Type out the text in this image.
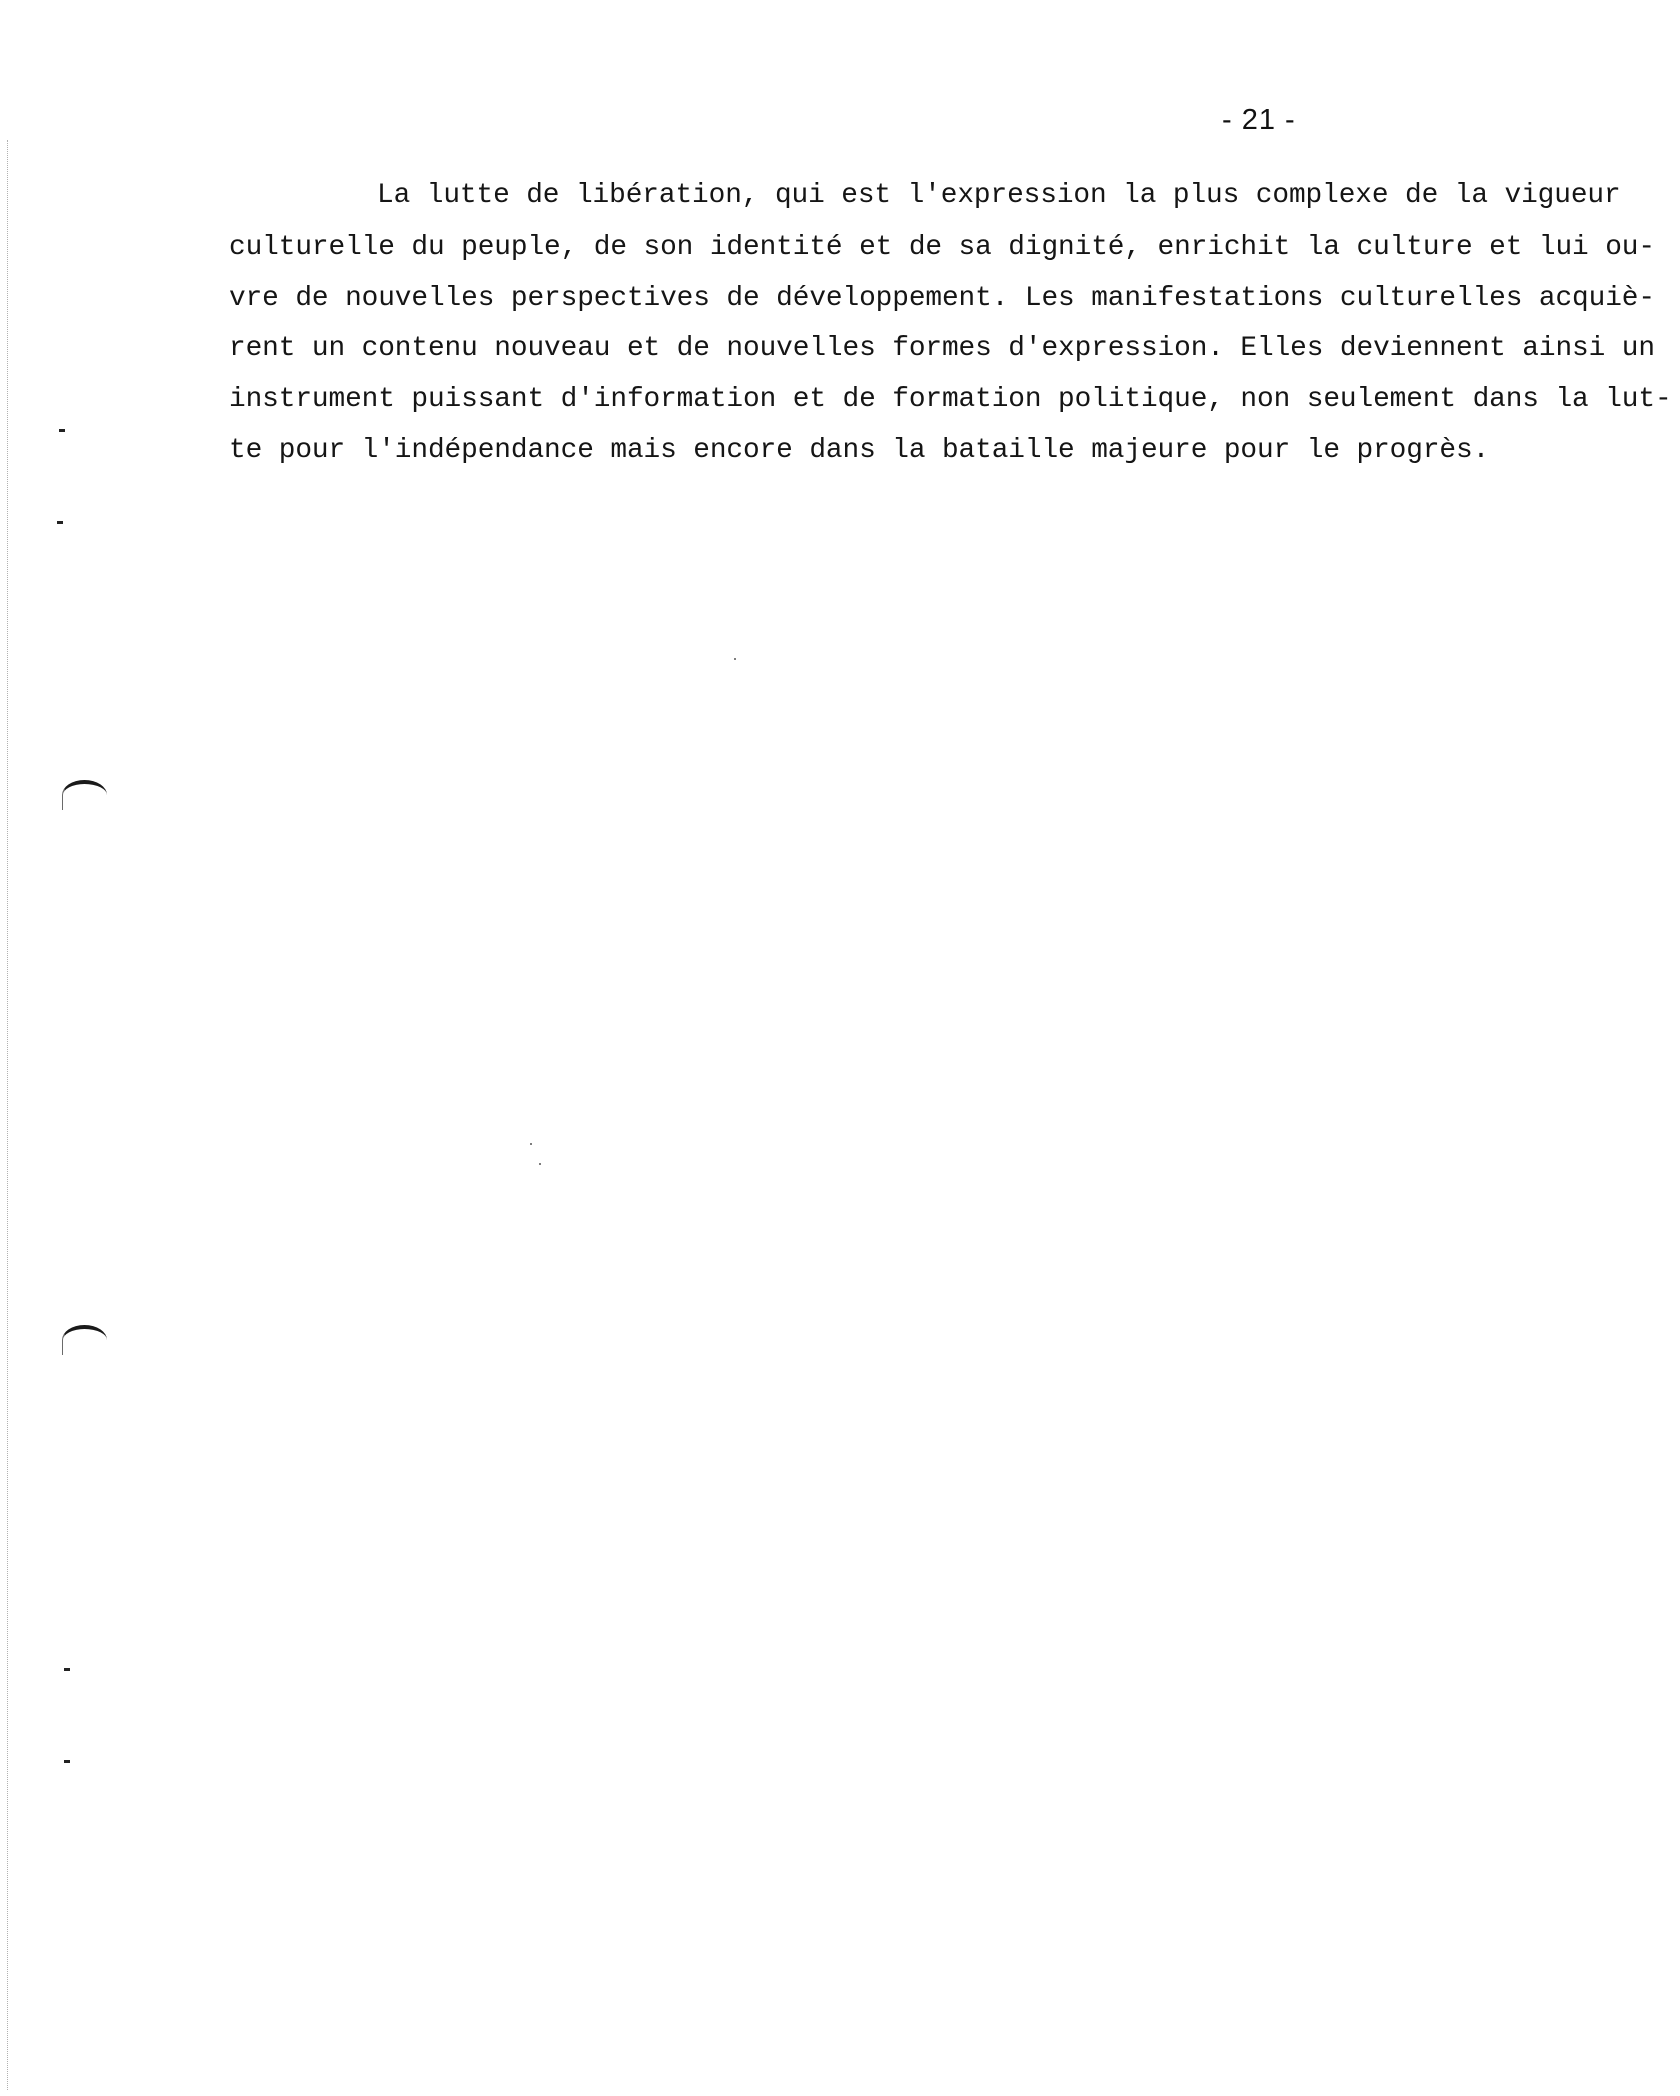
- 21 -
La lutte de libération, qui est l'expression la plus complexe de la vigueur
culturelle du peuple, de son identité et de sa dignité, enrichit la culture et lui ou-
vre de nouvelles perspectives de développement. Les manifestations culturelles acquiè-
rent un contenu nouveau et de nouvelles formes d'expression. Elles deviennent ainsi un
instrument puissant d'information et de formation politique, non seulement dans la lut-
te pour l'indépendance mais encore dans la bataille majeure pour le progrès.
